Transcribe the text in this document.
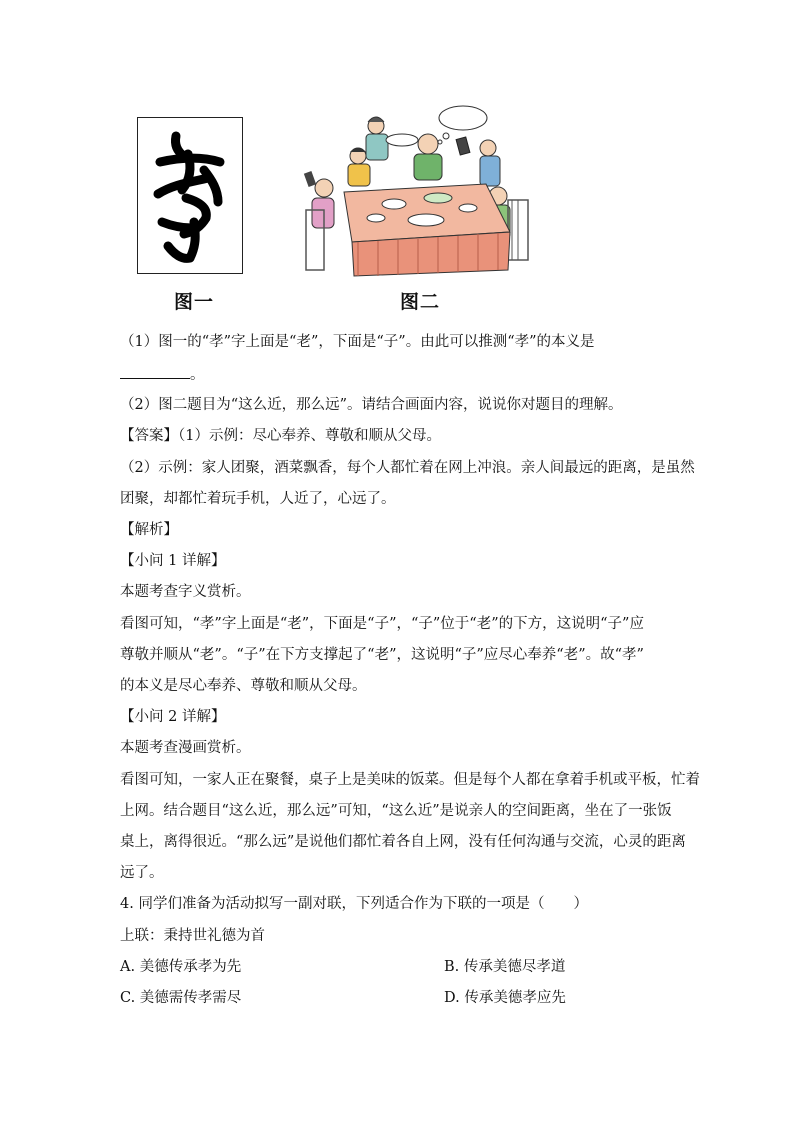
图一	图二
（1）图一的“孝”字上面是“老”，下面是“子”。由此可以推测“孝”的本义是
。
（2）图二题目为“这么近，那么远”。请结合画面内容，说说你对题目的理解。
【答案】（1）示例：尽心奉养、尊敬和顺从父母。
（2）示例：家人团聚，酒菜飘香，每个人都忙着在网上冲浪。亲人间最远的距离，是虽然
团聚，却都忙着玩手机，人近了，心远了。
【解析】
【小问 1 详解】
本题考查字义赏析。
看图可知，“孝”字上面是“老”，下面是“子”，“子”位于“老”的下方，这说明“子”应
尊敬并顺从“老”。“子”在下方支撑起了“老”，这说明“子”应尽心奉养“老”。故“孝”
的本义是尽心奉养、尊敬和顺从父母。
【小问 2 详解】
本题考查漫画赏析。
看图可知，一家人正在聚餐，桌子上是美味的饭菜。但是每个人都在拿着手机或平板，忙着
上网。结合题目“这么近，那么远”可知，“这么近”是说亲人的空间距离，坐在了一张饭
桌上，离得很近。“那么远”是说他们都忙着各自上网，没有任何沟通与交流，心灵的距离
远了。
4. 同学们准备为活动拟写一副对联，下列适合作为下联的一项是（　　）
上联：秉持世礼德为首
A. 美德传承孝为先	B. 传承美德尽孝道
C. 美德需传孝需尽	D. 传承美德孝应先
